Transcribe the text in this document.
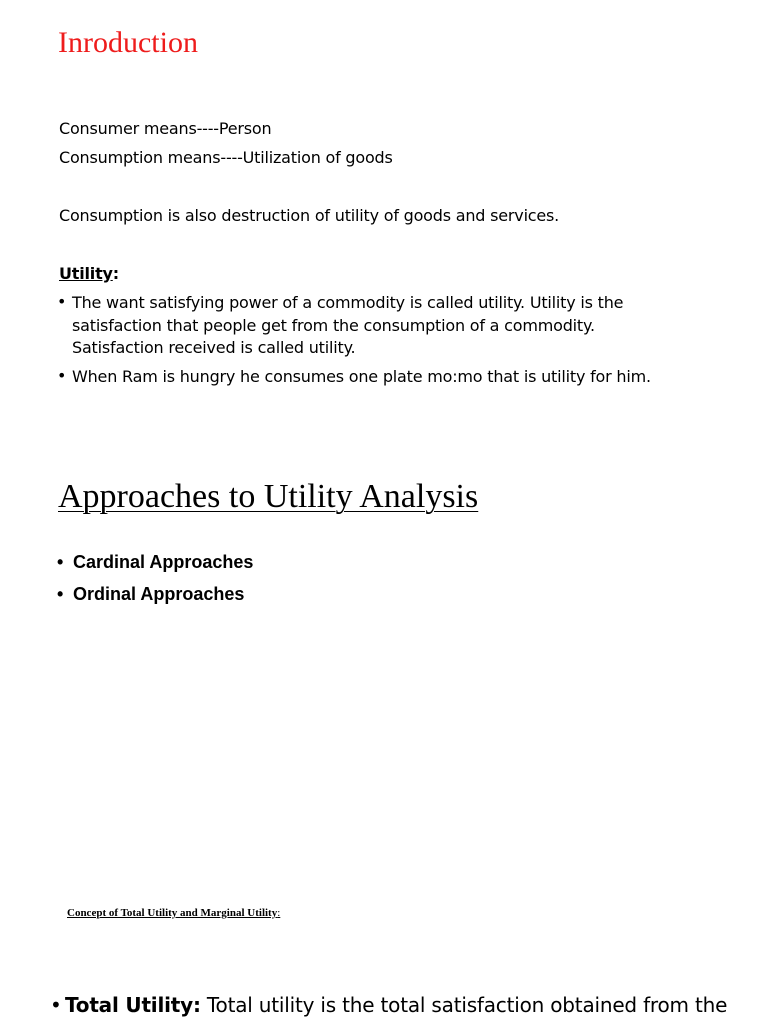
Inroduction
Consumer means----Person
Consumption means----Utilization of goods
Consumption is also destruction of utility of goods and services.
Utility:
• The want satisfying power of a commodity is called utility. Utility is the
satisfaction that people get from the consumption of a commodity.
Satisfaction received is called utility.
• When Ram is hungry he consumes one plate mo:mo that is utility for him.
Approaches to Utility Analysis
• Cardinal Approaches
• Ordinal Approaches
Concept of Total Utility and Marginal Utility:
• Total Utility: Total utility is the total satisfaction obtained from the
